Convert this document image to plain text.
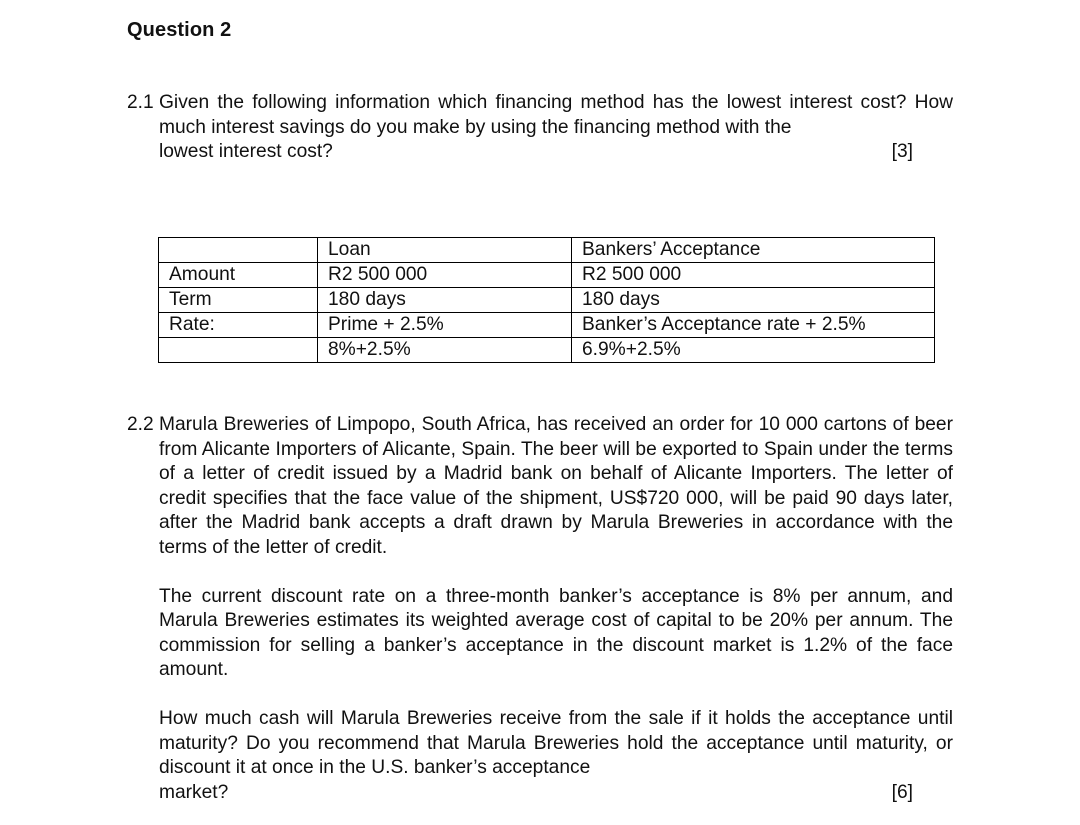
Question 2
2.1 Given the following information which financing method has the lowest interest cost? How much interest savings do you make by using the financing method with the

lowest interest cost?	[3]
	Loan	Bankers’ Acceptance
Amount	R2 500 000	R2 500 000
Term	180 days	180 days
Rate:	Prime + 2.5%	Banker’s Acceptance rate + 2.5%
	8%+2.5%	6.9%+2.5%
2.2 Marula Breweries of Limpopo, South Africa, has received an order for 10 000 cartons of beer from Alicante Importers of Alicante, Spain. The beer will be exported to Spain under the terms of a letter of credit issued by a Madrid bank on behalf of Alicante Importers. The letter of credit specifies that the face value of the shipment, US$720 000, will be paid 90 days later, after the Madrid bank accepts a draft drawn by Marula Breweries in accordance with the terms of the letter of credit.

The current discount rate on a three-month banker’s acceptance is 8% per annum, and Marula Breweries estimates its weighted average cost of capital to be 20% per annum. The commission for selling a banker’s acceptance in the discount market is 1.2% of the face amount.

How much cash will Marula Breweries receive from the sale if it holds the acceptance until maturity? Do you recommend that Marula Breweries hold the acceptance until maturity, or discount it at once in the U.S. banker’s acceptance

market?	[6]
